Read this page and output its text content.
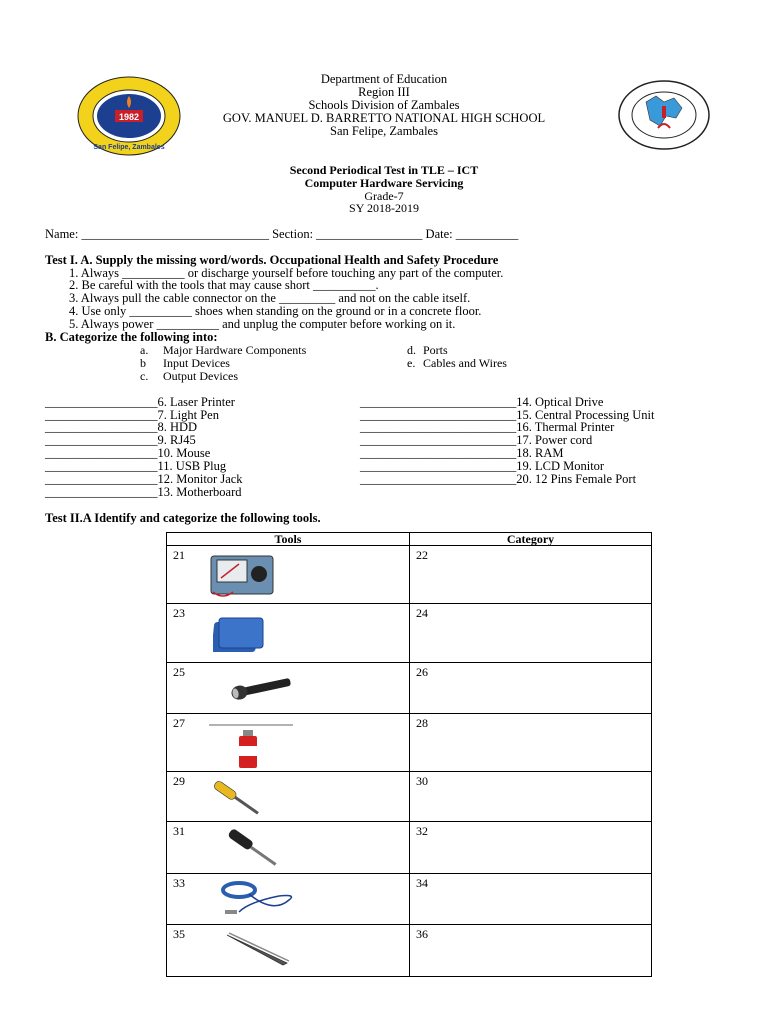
1982
San Felipe, Zambales
Department of Education
Region III
Schools Division of Zambales
GOV. MANUEL D. BARRETTO NATIONAL HIGH SCHOOL
San Felipe, Zambales
Second Periodical Test in TLE – ICT
Computer Hardware Servicing
Grade-7
SY 2018-2019
Name: ______________________________ Section: _________________ Date: __________
Test I. A. Supply the missing word/words. Occupational Health and Safety Procedure
1. Always __________ or discharge yourself before touching any part of the computer.
2. Be careful with the tools that may cause short __________.
3. Always pull the cable connector on the _________ and not on the cable itself.
4. Use only __________ shoes when standing on the ground or in a concrete floor.
5. Always power __________ and unplug the computer before working on it.
B. Categorize the following into:
a. Major Hardware Components
b Input Devices
c. Output Devices
d. Ports
e. Cables and Wires
__________________6. Laser Printer
__________________7. Light Pen
__________________8. HDD
__________________9. RJ45
__________________10. Mouse
__________________11. USB Plug
__________________12. Monitor Jack
__________________13. Motherboard
_________________________14. Optical Drive
_________________________15. Central Processing Unit
_________________________16. Thermal Printer
_________________________17. Power cord
_________________________18. RAM
_________________________19. LCD Monitor
_________________________20. 12 Pins Female Port
Test II.A Identify and categorize the following tools.
Tools	Category

21	22

23	24

25	26

27	28

29	30

31	32

33	34

35	36
